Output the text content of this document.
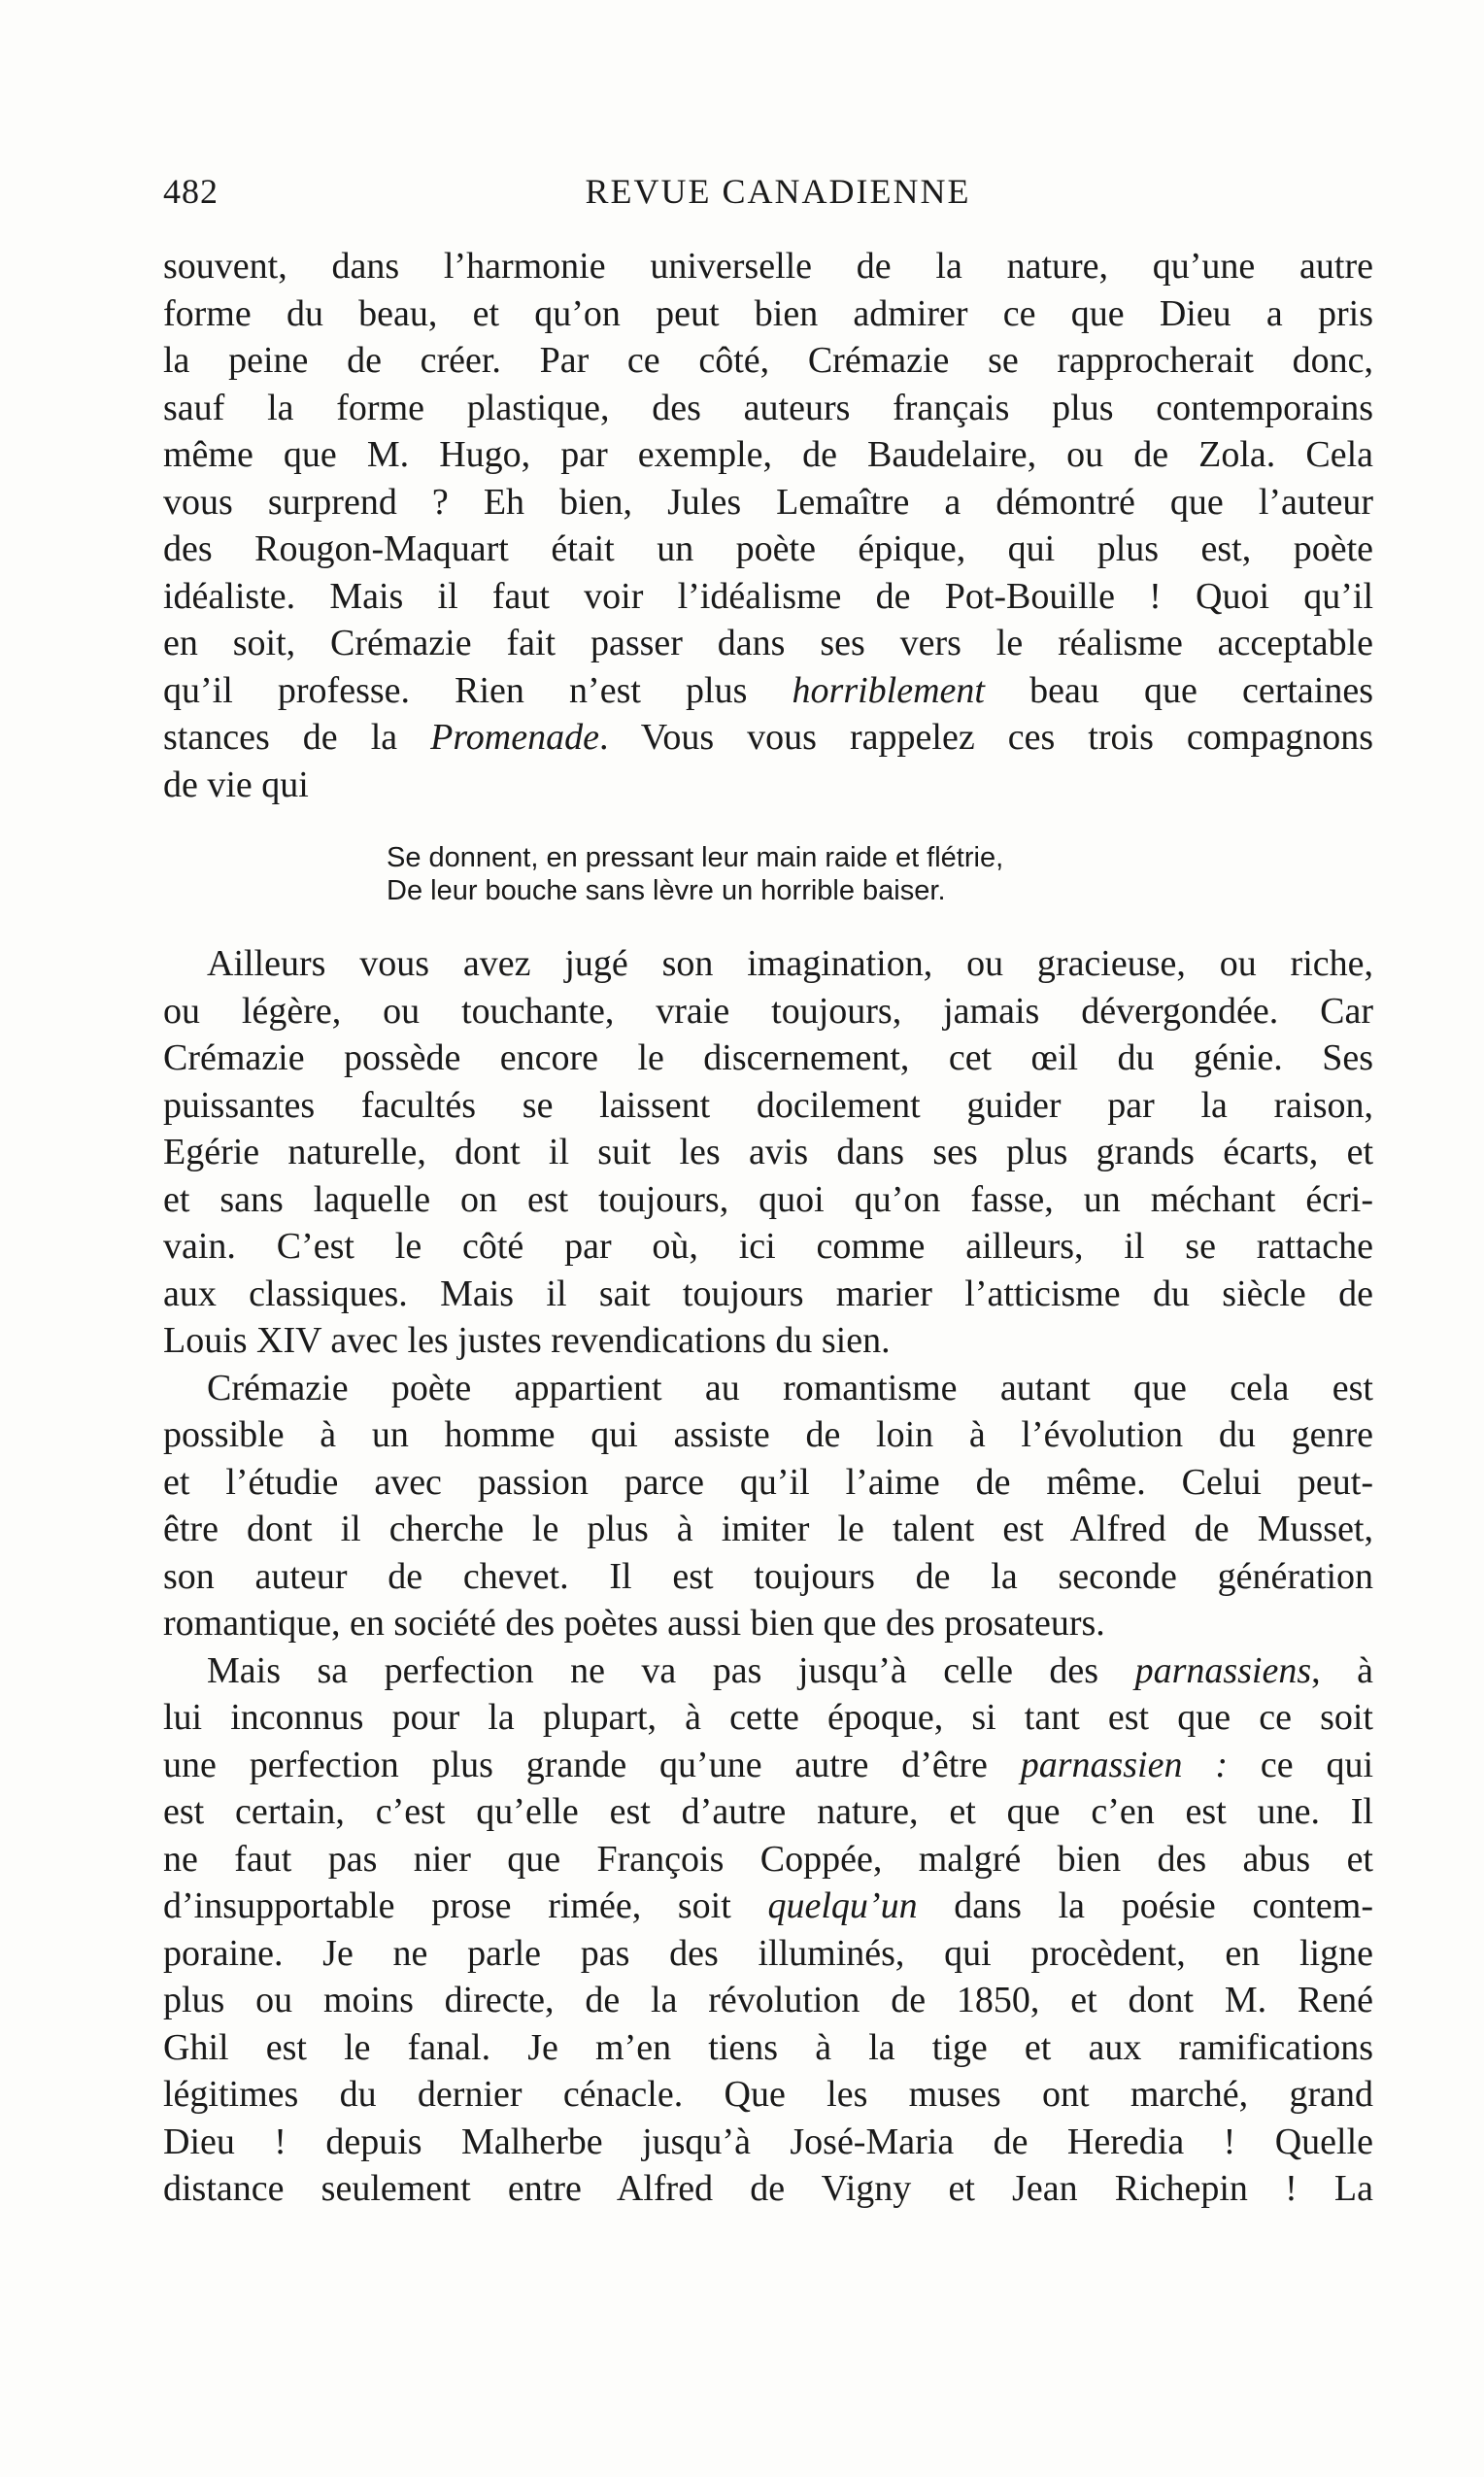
482	REVUE CANADIENNE
souvent, dans l’harmonie universelle de la nature, qu’une autre
forme du beau, et qu’on peut bien admirer ce que Dieu a pris
la peine de créer. Par ce côté, Crémazie se rapprocherait donc,
sauf la forme plastique, des auteurs français plus contemporains
même que M. Hugo, par exemple, de Baudelaire, ou de Zola. Cela
vous surprend ? Eh bien, Jules Lemaître a démontré que l’auteur
des Rougon-Maquart était un poète épique, qui plus est, poète
idéaliste. Mais il faut voir l’idéalisme de Pot-Bouille ! Quoi qu’il
en soit, Crémazie fait passer dans ses vers le réalisme acceptable
qu’il professe. Rien n’est plus horriblement beau que certaines
stances de la Promenade. Vous vous rappelez ces trois compagnons
de vie qui
Se donnent, en pressant leur main raide et flétrie,
De leur bouche sans lèvre un horrible baiser.
Ailleurs vous avez jugé son imagination, ou gracieuse, ou riche,
ou légère, ou touchante, vraie toujours, jamais dévergondée. Car
Crémazie possède encore le discernement, cet œil du génie. Ses
puissantes facultés se laissent docilement guider par la raison,
Egérie naturelle, dont il suit les avis dans ses plus grands écarts, et
et sans laquelle on est toujours, quoi qu’on fasse, un méchant écri-
vain. C’est le côté par où, ici comme ailleurs, il se rattache
aux classiques. Mais il sait toujours marier l’atticisme du siècle de
Louis XIV avec les justes revendications du sien.
Crémazie poète appartient au romantisme autant que cela est
possible à un homme qui assiste de loin à l’évolution du genre
et l’étudie avec passion parce qu’il l’aime de même. Celui peut-
être dont il cherche le plus à imiter le talent est Alfred de Musset,
son auteur de chevet. Il est toujours de la seconde génération
romantique, en société des poètes aussi bien que des prosateurs.
Mais sa perfection ne va pas jusqu’à celle des parnassiens, à
lui inconnus pour la plupart, à cette époque, si tant est que ce soit
une perfection plus grande qu’une autre d’être parnassien : ce qui
est certain, c’est qu’elle est d’autre nature, et que c’en est une. Il
ne faut pas nier que François Coppée, malgré bien des abus et
d’insupportable prose rimée, soit quelqu’un dans la poésie contem-
poraine. Je ne parle pas des illuminés, qui procèdent, en ligne
plus ou moins directe, de la révolution de 1850, et dont M. René
Ghil est le fanal. Je m’en tiens à la tige et aux ramifications
légitimes du dernier cénacle. Que les muses ont marché, grand
Dieu ! depuis Malherbe jusqu’à José-Maria de Heredia ! Quelle
distance seulement entre Alfred de Vigny et Jean Richepin ! La
